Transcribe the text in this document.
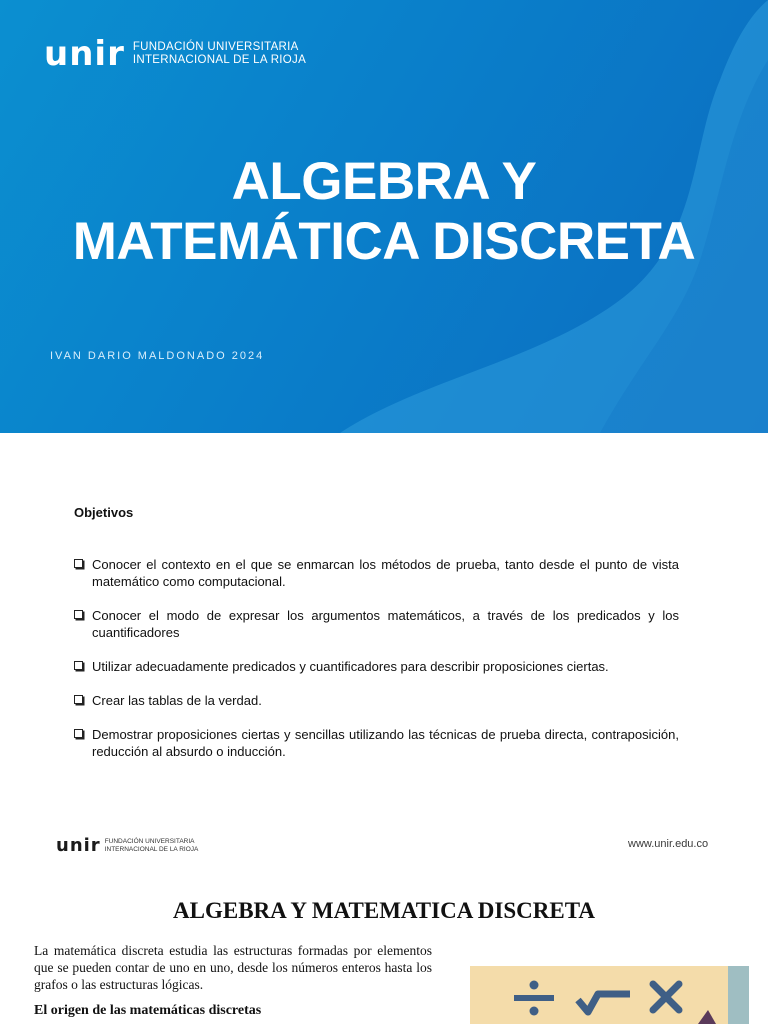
unir FUNDACIÓN UNIVERSITARIA
INTERNACIONAL DE LA RIOJA
ALGEBRA Y
MATEMÁTICA DISCRETA
IVAN DARIO MALDONADO 2024
Objetivos
Conocer el contexto en el que se enmarcan los métodos de prueba, tanto desde el punto de vista matemático como computacional.
Conocer el modo de expresar los argumentos matemáticos, a través de los predicados y los cuantificadores
Utilizar adecuadamente predicados y cuantificadores para describir proposiciones ciertas.
Crear las tablas de la verdad.
Demostrar proposiciones ciertas y sencillas utilizando las técnicas de prueba directa, contraposición, reducción al absurdo o inducción.
unir FUNDACIÓN UNIVERSITARIA
INTERNACIONAL DE LA RIOJA	www.unir.edu.co
ALGEBRA Y MATEMATICA DISCRETA

La matemática discreta estudia las estructuras formadas por elementos que se pueden contar de uno en uno, desde los números enteros hasta los grafos o las estructuras lógicas.

El origen de las matemáticas discretas
